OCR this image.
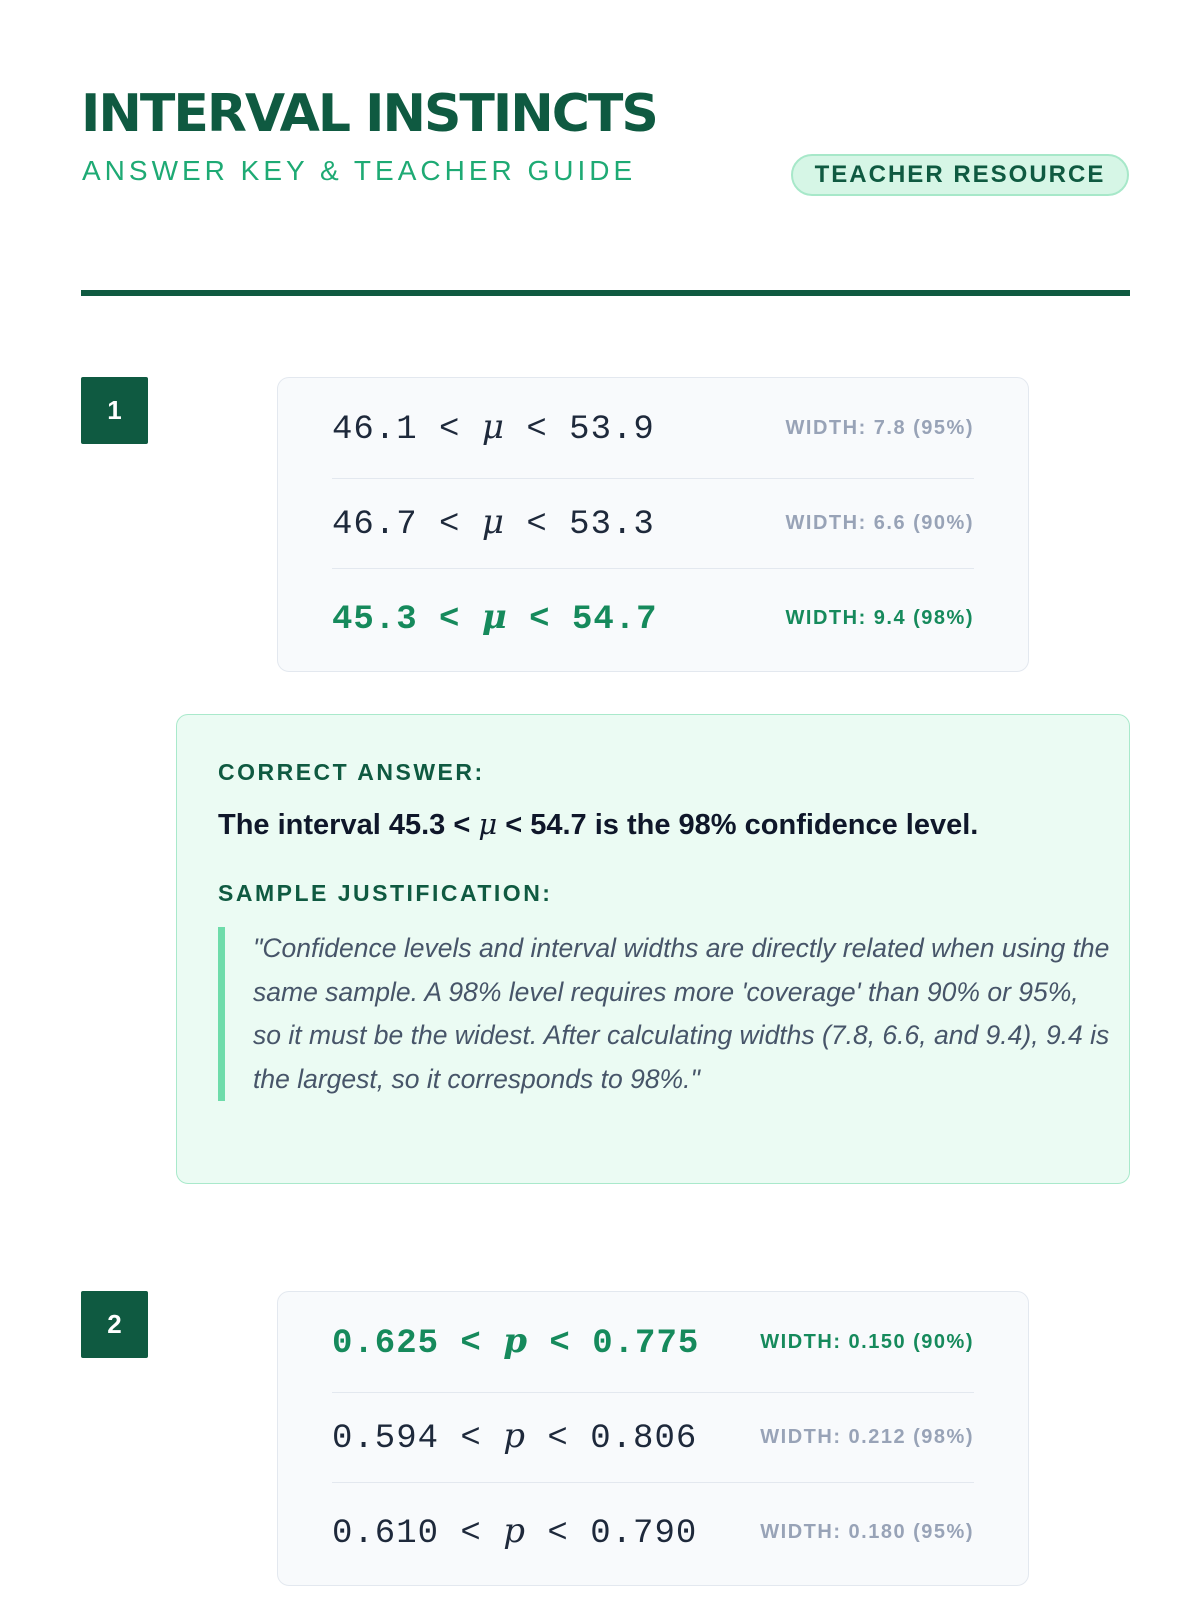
INTERVAL INSTINCTS
ANSWER KEY & TEACHER GUIDE	TEACHER RESOURCE
1
46.1 < μ < 53.9	WIDTH: 7.8 (95%)
46.7 < μ < 53.3	WIDTH: 6.6 (90%)
45.3 < μ < 54.7	WIDTH: 9.4 (98%)
CORRECT ANSWER:
The interval 45.3 < μ < 54.7 is the 98% confidence level.
SAMPLE JUSTIFICATION:
"Confidence levels and interval widths are directly related when using the same sample. A 98% level requires more 'coverage' than 90% or 95%, so it must be the widest. After calculating widths (7.8, 6.6, and 9.4), 9.4 is the largest, so it corresponds to 98%."
2
0.625 < p < 0.775	WIDTH: 0.150 (90%)
0.594 < p < 0.806	WIDTH: 0.212 (98%)
0.610 < p < 0.790	WIDTH: 0.180 (95%)
